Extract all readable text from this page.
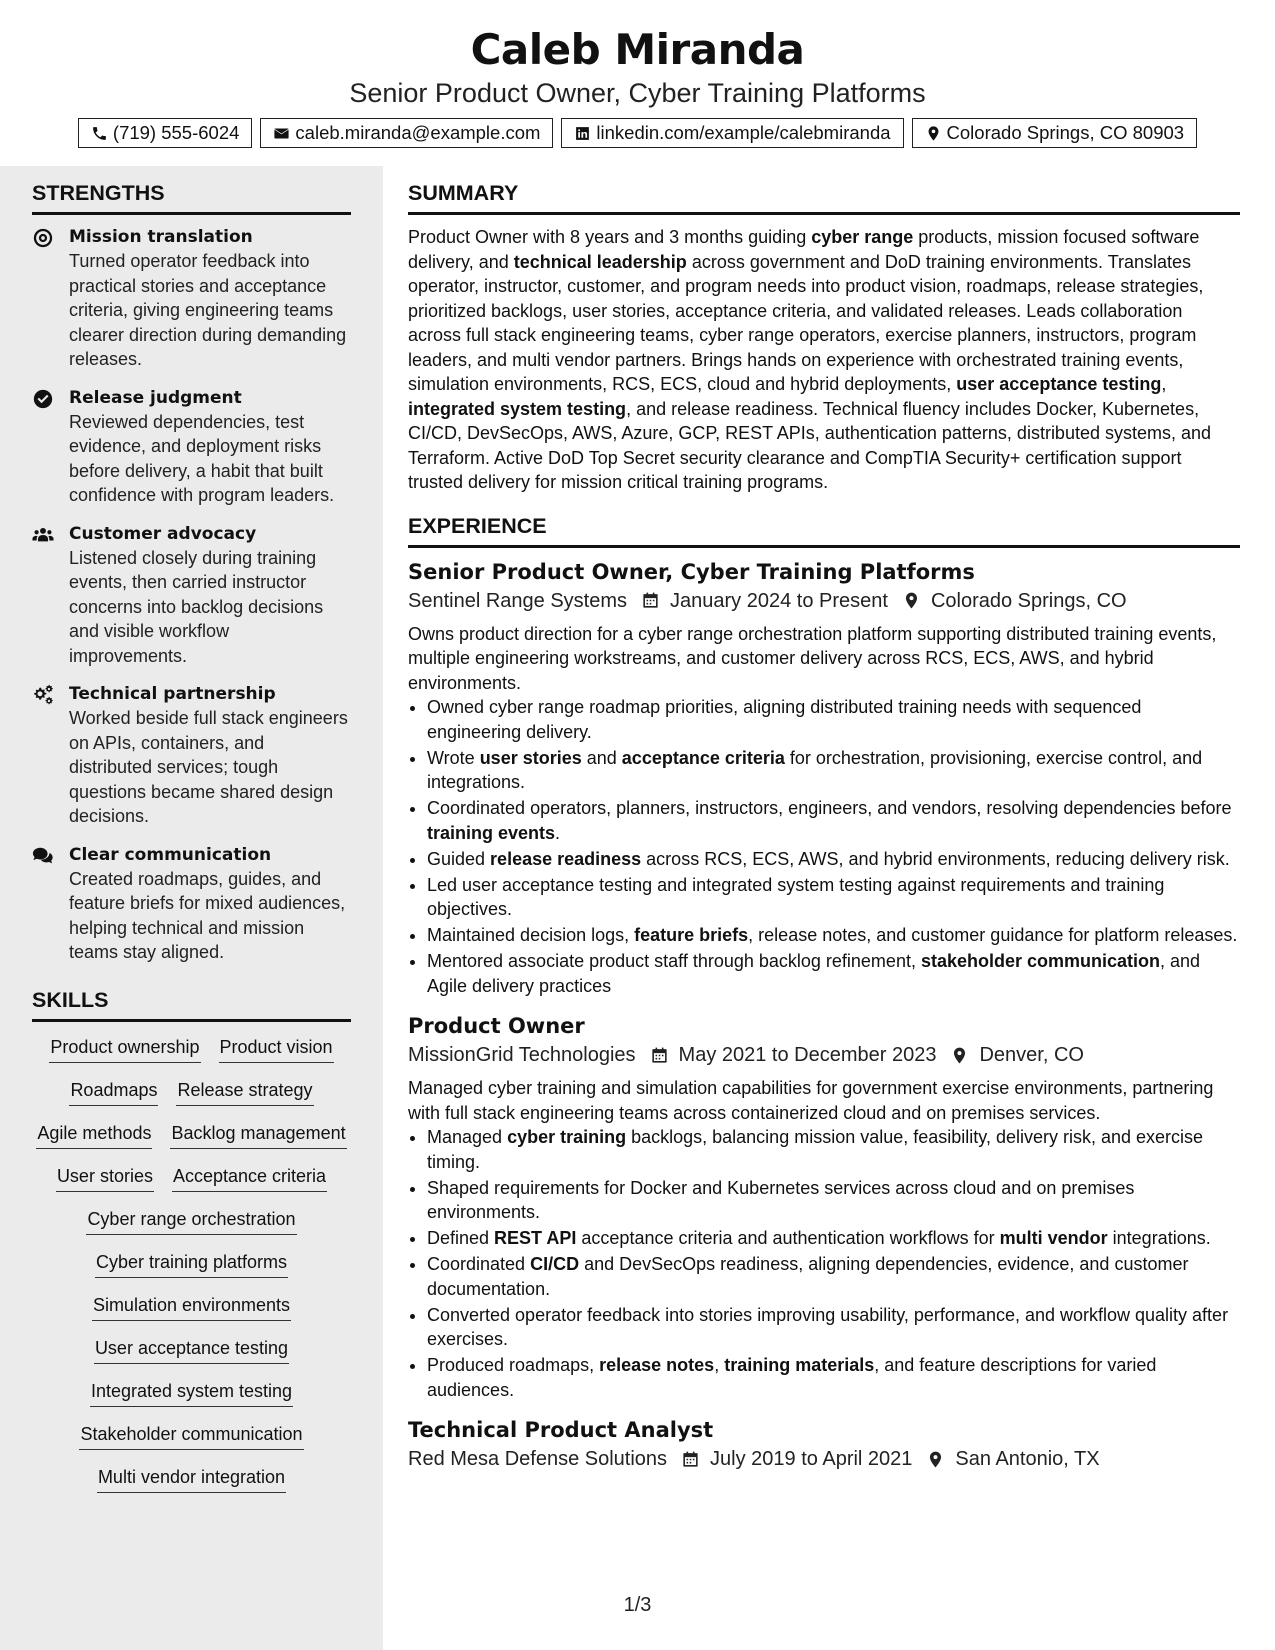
Caleb Miranda
Senior Product Owner, Cyber Training Platforms
(719) 555-6024	caleb.miranda@example.com	linkedin.com/example/calebmiranda	Colorado Springs, CO 80903
STRENGTHS
Mission translation
Turned operator feedback into practical stories and acceptance criteria, giving engineering teams clearer direction during demanding releases.
Release judgment
Reviewed dependencies, test evidence, and deployment risks before delivery, a habit that built confidence with program leaders.
Customer advocacy
Listened closely during training events, then carried instructor concerns into backlog decisions and visible workflow improvements.
Technical partnership
Worked beside full stack engineers on APIs, containers, and distributed services; tough questions became shared design decisions.
Clear communication
Created roadmaps, guides, and feature briefs for mixed audiences, helping technical and mission teams stay aligned.
SKILLS
Product ownership Product vision
Roadmaps Release strategy
Agile methods Backlog management
User stories Acceptance criteria
Cyber range orchestration
Cyber training platforms
Simulation environments
User acceptance testing
Integrated system testing
Stakeholder communication
Multi vendor integration
SUMMARY
Product Owner with 8 years and 3 months guiding cyber range products, mission focused software delivery, and technical leadership across government and DoD training environments. Translates operator, instructor, customer, and program needs into product vision, roadmaps, release strategies, prioritized backlogs, user stories, acceptance criteria, and validated releases. Leads collaboration across full stack engineering teams, cyber range operators, exercise planners, instructors, program leaders, and multi vendor partners. Brings hands on experience with orchestrated training events, simulation environments, RCS, ECS, cloud and hybrid deployments, user acceptance testing, integrated system testing, and release readiness. Technical fluency includes Docker, Kubernetes, CI/CD, DevSecOps, AWS, Azure, GCP, REST APIs, authentication patterns, distributed systems, and Terraform. Active DoD Top Secret security clearance and CompTIA Security+ certification support trusted delivery for mission critical training programs.
EXPERIENCE
Senior Product Owner, Cyber Training Platforms
Sentinel Range Systems January 2024 to Present Colorado Springs, CO
Owns product direction for a cyber range orchestration platform supporting distributed training events, multiple engineering workstreams, and customer delivery across RCS, ECS, AWS, and hybrid environments.
• Owned cyber range roadmap priorities, aligning distributed training needs with sequenced engineering delivery.
• Wrote user stories and acceptance criteria for orchestration, provisioning, exercise control, and integrations.
• Coordinated operators, planners, instructors, engineers, and vendors, resolving dependencies before training events.
• Guided release readiness across RCS, ECS, AWS, and hybrid environments, reducing delivery risk.
• Led user acceptance testing and integrated system testing against requirements and training objectives.
• Maintained decision logs, feature briefs, release notes, and customer guidance for platform releases.
• Mentored associate product staff through backlog refinement, stakeholder communication, and Agile delivery practices
Product Owner
MissionGrid Technologies May 2021 to December 2023 Denver, CO
Managed cyber training and simulation capabilities for government exercise environments, partnering with full stack engineering teams across containerized cloud and on premises services.
• Managed cyber training backlogs, balancing mission value, feasibility, delivery risk, and exercise timing.
• Shaped requirements for Docker and Kubernetes services across cloud and on premises environments.
• Defined REST API acceptance criteria and authentication workflows for multi vendor integrations.
• Coordinated CI/CD and DevSecOps readiness, aligning dependencies, evidence, and customer documentation.
• Converted operator feedback into stories improving usability, performance, and workflow quality after exercises.
• Produced roadmaps, release notes, training materials, and feature descriptions for varied audiences.
Technical Product Analyst
Red Mesa Defense Solutions July 2019 to April 2021 San Antonio, TX
1/3
